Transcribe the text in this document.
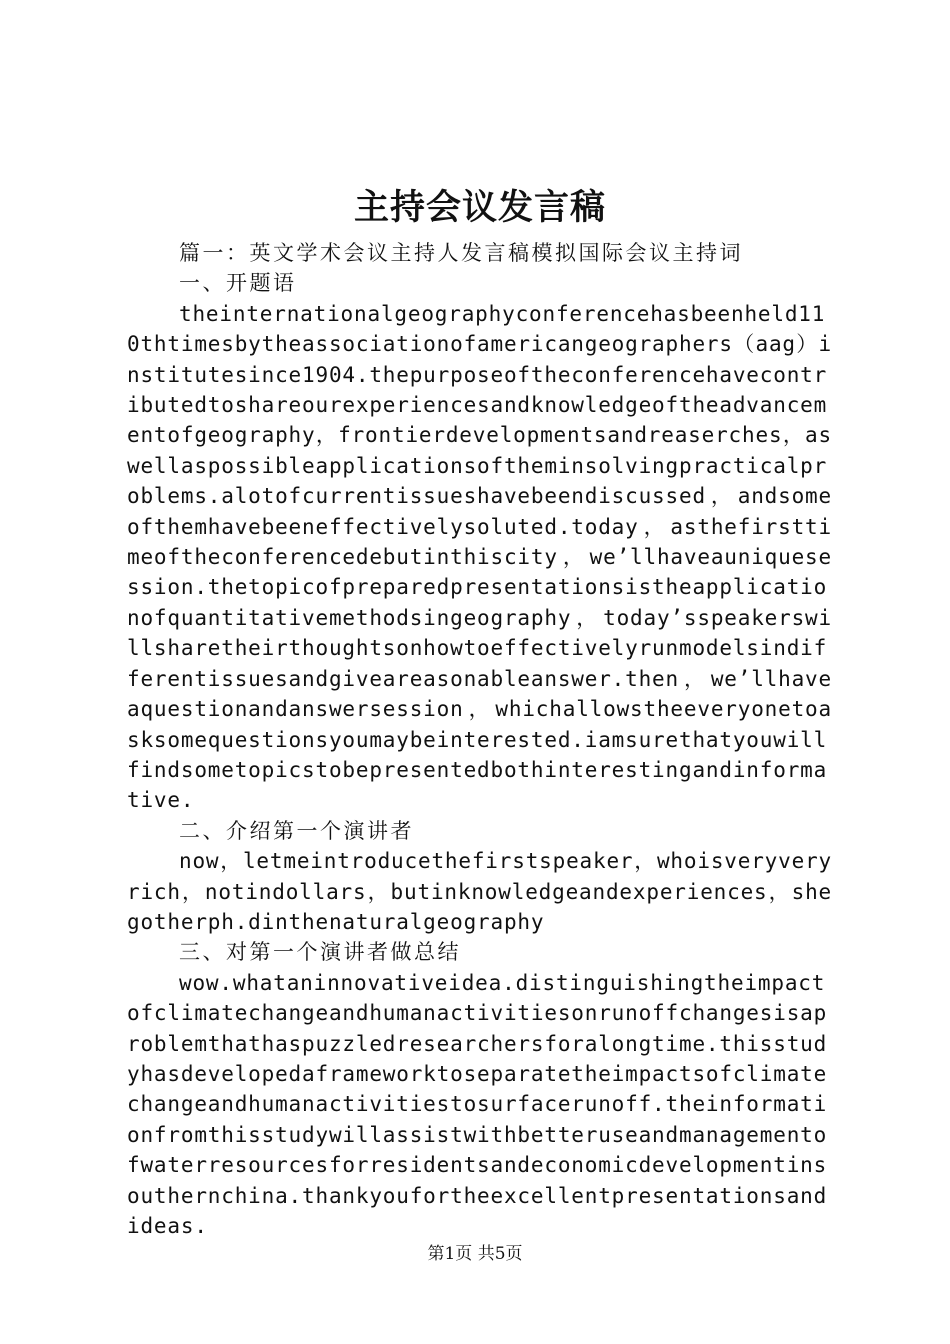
主持会议发言稿

篇一：英文学术会议主持人发言稿模拟国际会议主持词

一、开题语

theinternationalgeographyconferencehasbeenheld110thtimesbytheassociationofamericangeographers（aag）institutesince1904.thepurposeoftheconferencehavecontributedtoshareourexperiencesandknowledgeoftheadvancementofgeography，frontierdevelopmentsandreaserches，aswellaspossibleapplicationsoftheminsolvingpracticalproblems.alotofcurrentissueshavebeendiscussed，andsomeofthemhavebeeneffectivelysoluted.today，asthefirsttimeoftheconferencedebutinthiscity，we’llhaveauniquesession.thetopicofpreparedpresentationsistheapplicationofquantitativemethodsingeography，today’sspeakerswillsharetheirthoughtsonhowtoeffectivelyrunmodelsindifferentissuesandgiveareasonableanswer.then，we’llhaveaquestionandanswersession，whichallowstheeveryonetoasksomequestionsyoumaybeinterested.iamsurethatyouwillfindsometopicstobepresentedbothinterestingandinformative.

二、介绍第一个演讲者

now，letmeintroducethefirstspeaker，whoisveryveryrich，notindollars，butinknowledgeandexperiences，shegotherph.dinthenaturalgeography

三、对第一个演讲者做总结

wow.whataninnovativeidea.distinguishingtheimpactofclimatechangeandhumanactivitiesonrunoffchangesisaproblemthathaspuzzledresearchersforalongtime.thisstudyhasdevelopedaframeworktoseparatetheimpactsofclimatechangeandhumanactivitiestosurfacerunoff.theinformationfromthisstudywillassistwithbetteruseandmanagementofwaterresourcesforresidentsandeconomicdevelopmentinsouthernchina.thankyoufortheexcellentpresentationsandideas.

第1页 共5页
